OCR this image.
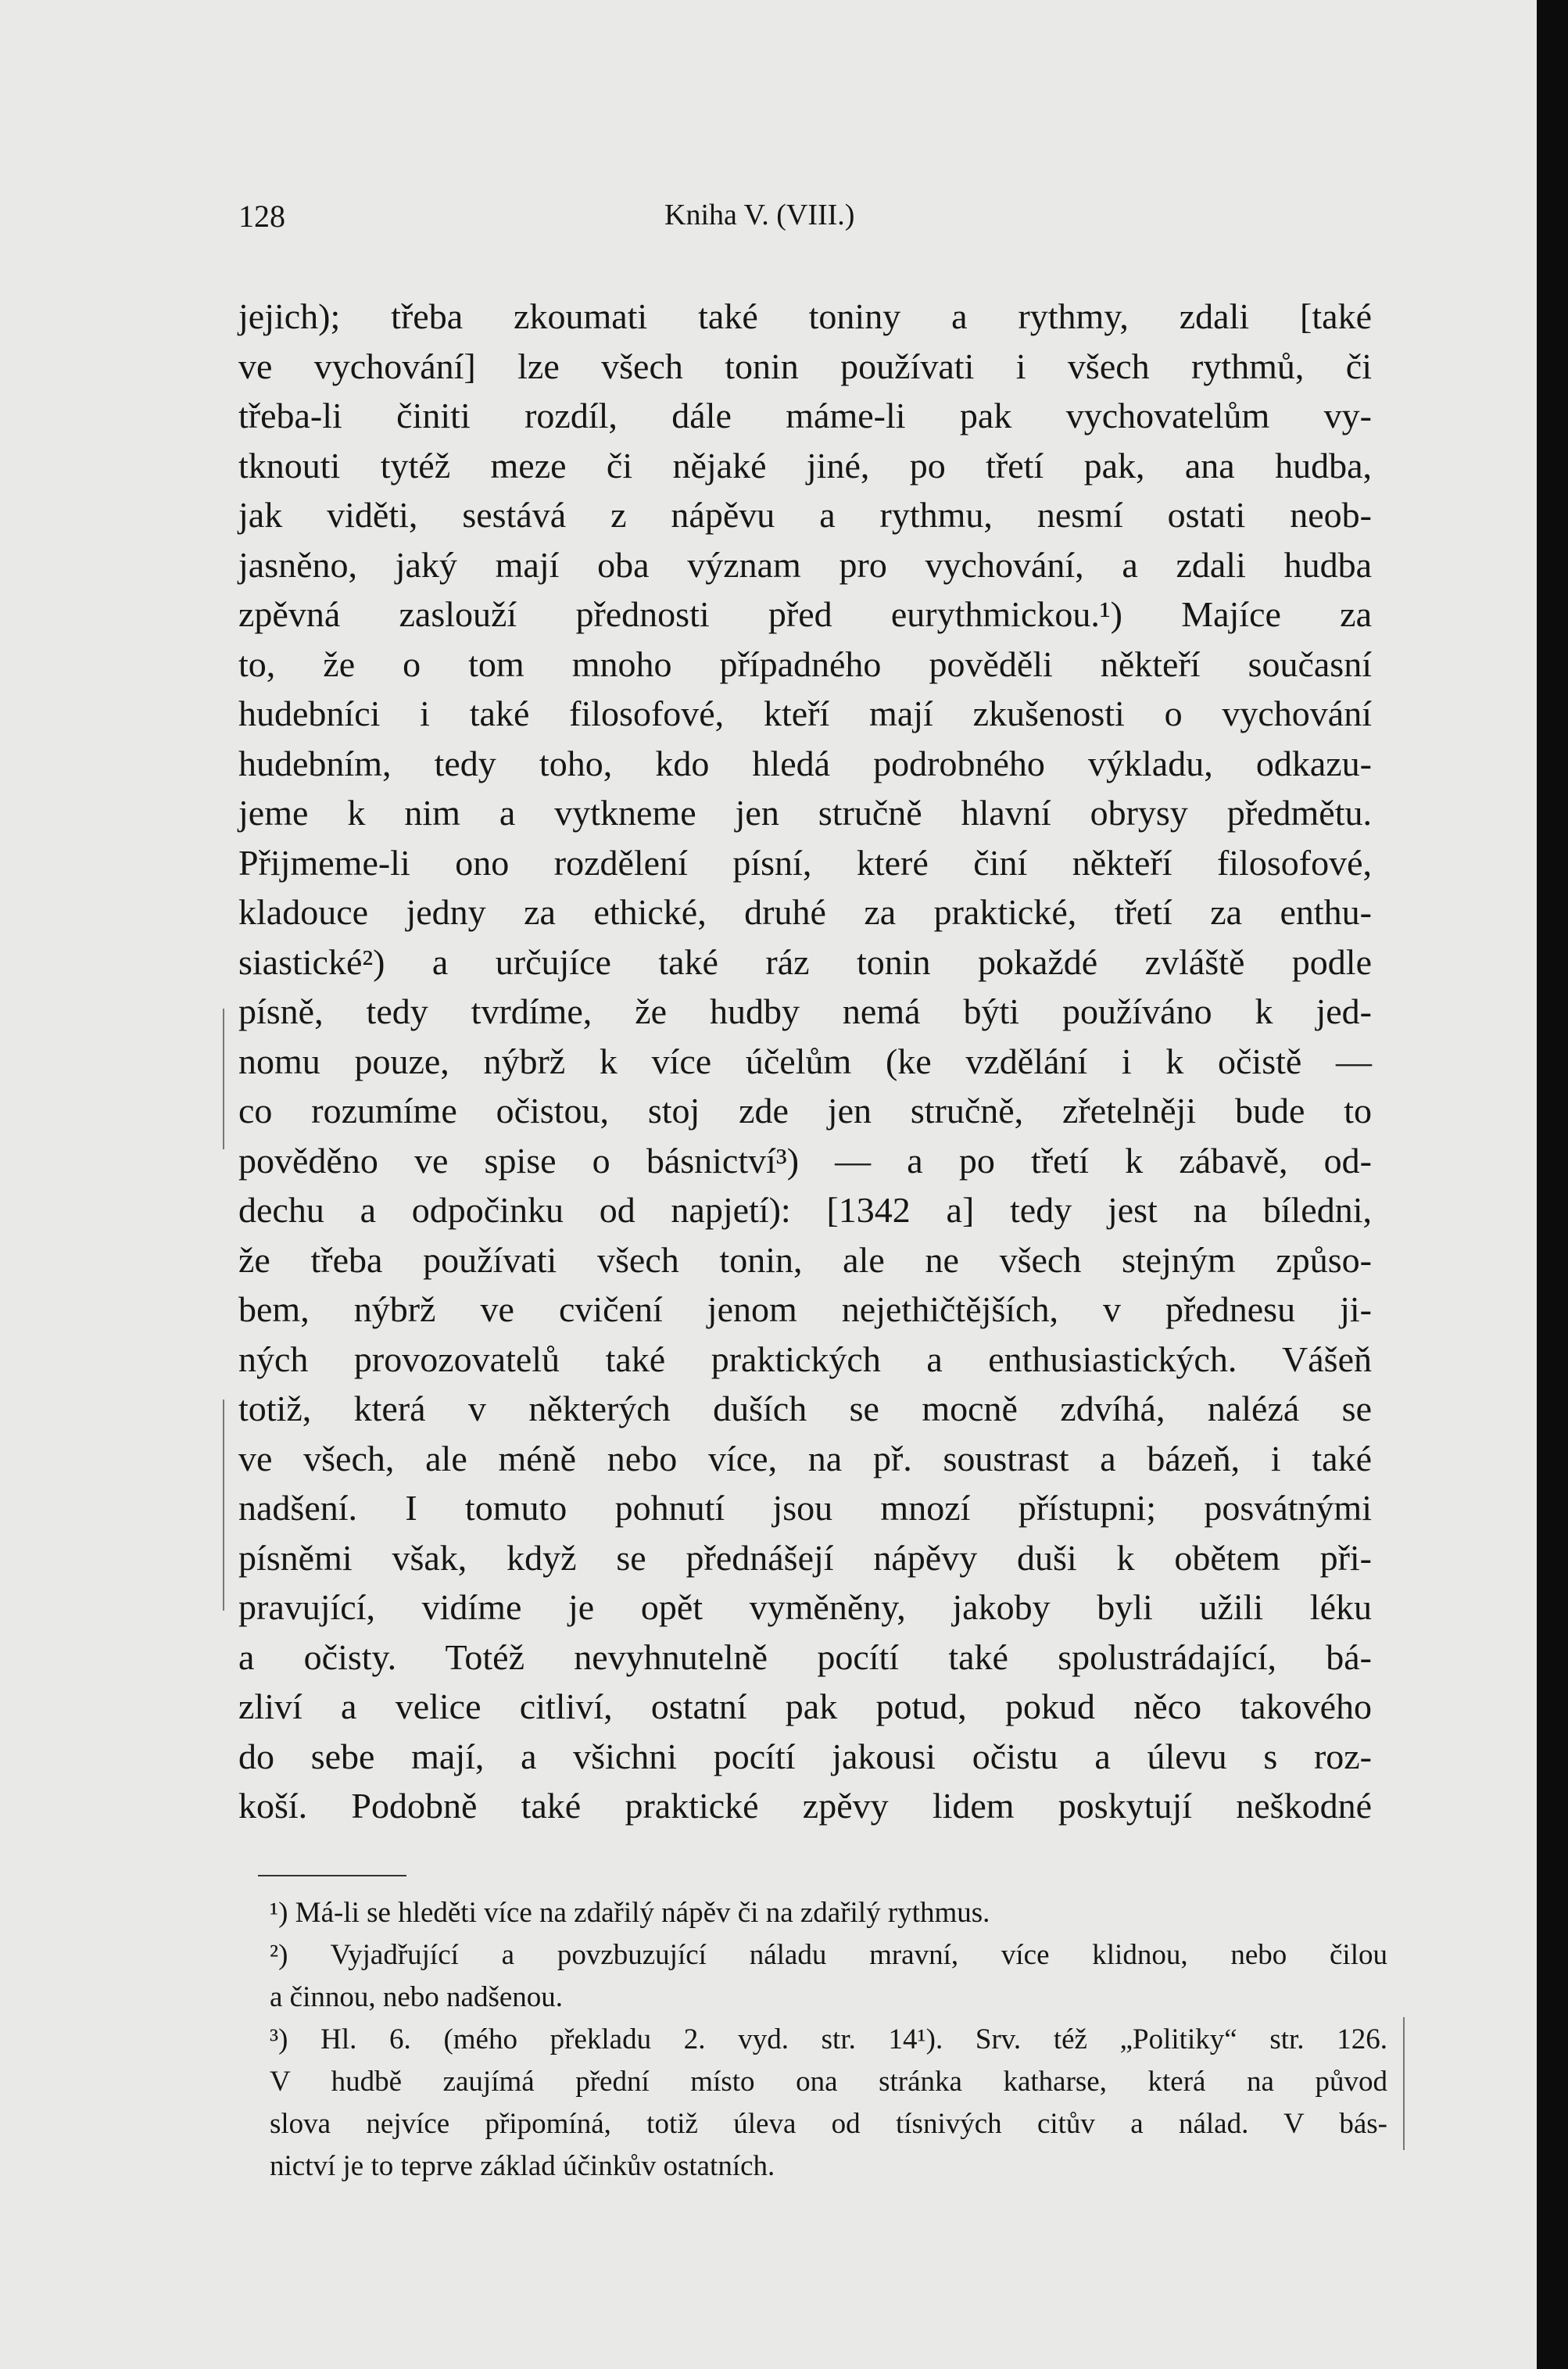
128	Kniha V. (VIII.)
jejich); třeba zkoumati také toniny a rythmy, zdali [také
ve vychování] lze všech tonin používati i všech rythmů, či
třeba-li činiti rozdíl, dále máme-li pak vychovatelům vy-
tknouti tytéž meze či nějaké jiné, po třetí pak, ana hudba,
jak viděti, sestává z nápěvu a rythmu, nesmí ostati neob-
jasněno, jaký mají oba význam pro vychování, a zdali hudba
zpěvná zaslouží přednosti před eurythmickou.¹) Majíce za
to, že o tom mnoho případného pověděli někteří současní
hudebníci i také filosofové, kteří mají zkušenosti o vychování
hudebním, tedy toho, kdo hledá podrobného výkladu, odkazu-
jeme k nim a vytkneme jen stručně hlavní obrysy předmětu.
Přijmeme-li ono rozdělení písní, které činí někteří filosofové,
kladouce jedny za ethické, druhé za praktické, třetí za enthu-
siastické²) a určujíce také ráz tonin pokaždé zvláště podle
písně, tedy tvrdíme, že hudby nemá býti používáno k jed-
nomu pouze, nýbrž k více účelům (ke vzdělání i k očistě —
co rozumíme očistou, stoj zde jen stručně, zřetelněji bude to
pověděno ve spise o básnictví³) — a po třetí k zábavě, od-
dechu a odpočinku od napjetí): [1342 a] tedy jest na bíledni,
že třeba používati všech tonin, ale ne všech stejným způso-
bem, nýbrž ve cvičení jenom nejethičtějších, v přednesu ji-
ných provozovatelů také praktických a enthusiastických. Vášeň
totiž, která v některých duších se mocně zdvíhá, nalézá se
ve všech, ale méně nebo více, na př. soustrast a bázeň, i také
nadšení. I tomuto pohnutí jsou mnozí přístupni; posvátnými
písněmi však, když se přednášejí nápěvy duši k obětem při-
pravující, vidíme je opět vyměněny, jakoby byli užili léku
a očisty. Totéž nevyhnutelně pocítí také spolustrádající, bá-
zliví a velice citliví, ostatní pak potud, pokud něco takového
do sebe mají, a všichni pocítí jakousi očistu a úlevu s roz-
koší. Podobně také praktické zpěvy lidem poskytují neškodné
¹) Má-li se hleděti více na zdařilý nápěv či na zdařilý rythmus.
²) Vyjadřující a povzbuzující náladu mravní, více klidnou, nebo čilou
a činnou, nebo nadšenou.
³) Hl. 6. (mého překladu 2. vyd. str. 14¹). Srv. též „Politiky“ str. 126.
V hudbě zaujímá přední místo ona stránka katharse, která na původ
slova nejvíce připomíná, totiž úleva od tísnivých citův a nálad. V bás-
nictví je to teprve základ účinkův ostatních.
